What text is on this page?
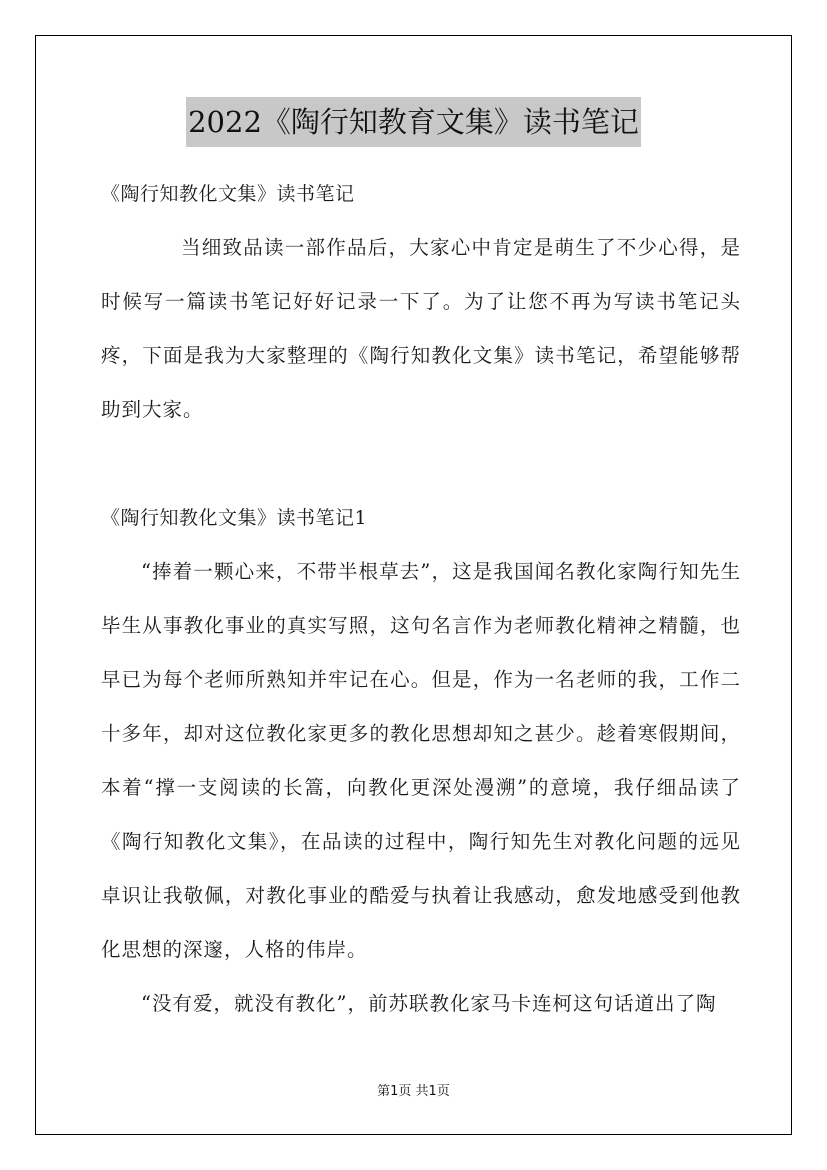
2022《陶行知教育文集》读书笔记

《陶行知教化文集》读书笔记

当细致品读一部作品后，大家心中肯定是萌生了不少心得，是时候写一篇读书笔记好好记录一下了。为了让您不再为写读书笔记头疼，下面是我为大家整理的《陶行知教化文集》读书笔记，希望能够帮助到大家。

《陶行知教化文集》读书笔记1

“捧着一颗心来，不带半根草去”，这是我国闻名教化家陶行知先生毕生从事教化事业的真实写照，这句名言作为老师教化精神之精髓，也早已为每个老师所熟知并牢记在心。但是，作为一名老师的我，工作二十多年，却对这位教化家更多的教化思想却知之甚少。趁着寒假期间，本着“撑一支阅读的长篙，向教化更深处漫溯”的意境，我仔细品读了《陶行知教化文集》，在品读的过程中，陶行知先生对教化问题的远见卓识让我敬佩，对教化事业的酷爱与执着让我感动，愈发地感受到他教化思想的深邃，人格的伟岸。

“没有爱，就没有教化”，前苏联教化家马卡连柯这句话道出了陶

第1页 共1页
